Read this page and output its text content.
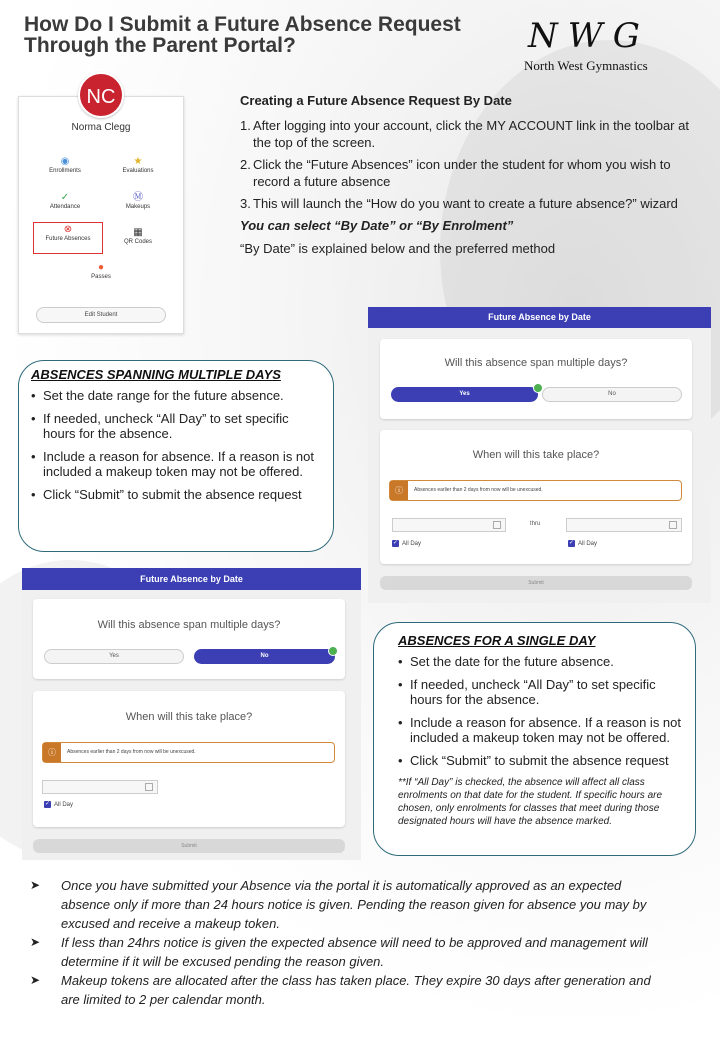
How Do I Submit a Future Absence Request
Through the Parent Portal?	NWG
North West Gymnastics
NC
Norma Clegg
◉
Enrollments
★
Evaluations
✓
Attendance
Ⓜ
Makeups
⊗
Future Absences
▦
QR Codes
●
Passes
Edit Student
Creating a Future Absence Request By Date
1. After logging into your account, click the MY ACCOUNT link in the toolbar at the top of the screen.
2. Click the “Future Absences” icon under the student for whom you wish to record a future absence
3. This will launch the “How do you want to create a future absence?” wizard
You can select “By Date” or “By Enrolment”
“By Date” is explained below and the preferred method
Future Absence by Date
Will this absence span multiple days?
Yes	No
When will this take place?
ⓘ	Absences earlier than 2 days from now will be unexcused.
thru
✓ All Day	✓ All Day
Submit
ABSENCES SPANNING MULTIPLE DAYS
• Set the date range for the future absence.
• If needed, uncheck “All Day” to set specific hours for the absence.
• Include a reason for absence. If a reason is not included a makeup token may not be offered.
• Click “Submit” to submit the absence request
Future Absence by Date
Will this absence span multiple days?
Yes	No
When will this take place?
ⓘ	Absences earlier than 2 days from now will be unexcused.
✓ All Day
Submit
ABSENCES FOR A SINGLE DAY
• Set the date for the future absence.
• If needed, uncheck “All Day” to set specific hours for the absence.
• Include a reason for absence. If a reason is not included a makeup token may not be offered.
• Click “Submit” to submit the absence request
**If “All Day” is checked, the absence will affect all class enrolments on that date for the student. If specific hours are chosen, only enrolments for classes that meet during those designated hours will have the absence marked.

➤ Once you have submitted your Absence via the portal it is automatically approved as an expected absence only if more than 24 hours notice is given. Pending the reason given for absence you may by excused and receive a makeup token.

➤ If less than 24hrs notice is given the expected absence will need to be approved and management will determine if it will be excused pending the reason given.

➤ Makeup tokens are allocated after the class has taken place. They expire 30 days after generation and are limited to 2 per calendar month.
